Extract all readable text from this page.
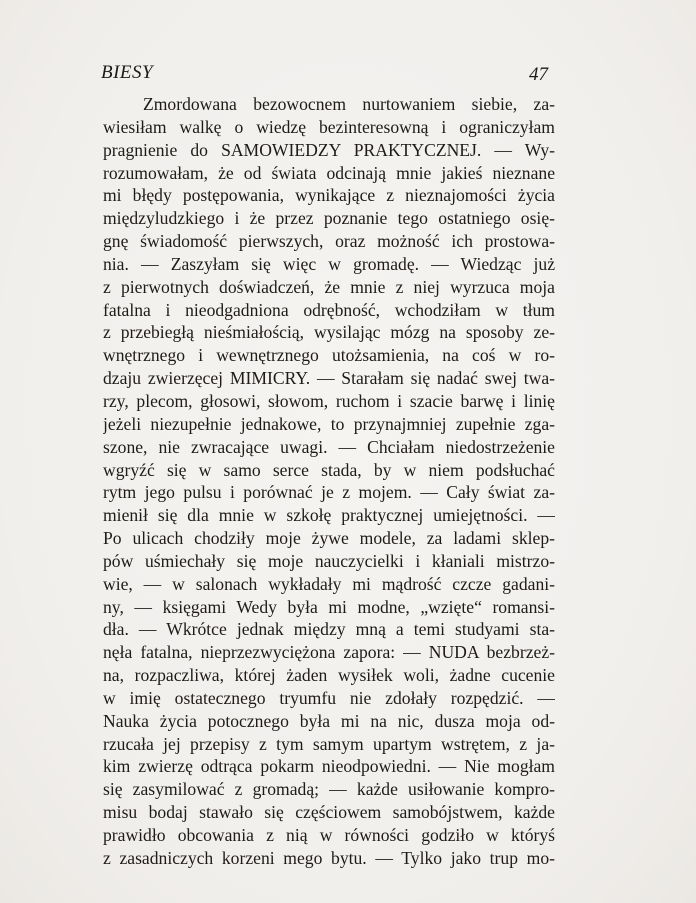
BIESY	47
Zmordowana bezowocnem nurtowaniem siebie, za-
wiesiłam walkę o wiedzę bezinteresowną i ograniczyłam
pragnienie do SAMOWIEDZY PRAKTYCZNEJ. — Wy-
rozumowałam, że od świata odcinają mnie jakieś nieznane
mi błędy postępowania, wynikające z nieznajomości życia
międzyludzkiego i że przez poznanie tego ostatniego osię-
gnę świadomość pierwszych, oraz możność ich prostowa-
nia. — Zaszyłam się więc w gromadę. — Wiedząc już
z pierwotnych doświadczeń, że mnie z niej wyrzuca moja
fatalna i nieodgadniona odrębność, wchodziłam w tłum
z przebiegłą nieśmiałością, wysilając mózg na sposoby ze-
wnętrznego i wewnętrznego utożsamienia, na coś w ro-
dzaju zwierzęcej MIMICRY. — Starałam się nadać swej twa-
rzy, plecom, głosowi, słowom, ruchom i szacie barwę i linię
jeżeli niezupełnie jednakowe, to przynajmniej zupełnie zga-
szone, nie zwracające uwagi. — Chciałam niedostrzeżenie
wgryźć się w samo serce stada, by w niem podsłuchać
rytm jego pulsu i porównać je z mojem. — Cały świat za-
mienił się dla mnie w szkołę praktycznej umiejętności. —
Po ulicach chodziły moje żywe modele, za ladami sklep-
pów uśmiechały się moje nauczycielki i kłaniali mistrzo-
wie, — w salonach wykładały mi mądrość czcze gadani-
ny, — księgami Wedy była mi modne, „wzięte“ romansi-
dła. — Wkrótce jednak między mną a temi studyami sta-
nęła fatalna, nieprzezwyciężona zapora: — NUDA bezbrzeż-
na, rozpaczliwa, której żaden wysiłek woli, żadne cucenie
w imię ostatecznego tryumfu nie zdołały rozpędzić. —
Nauka życia potocznego była mi na nic, dusza moja od-
rzucała jej przepisy z tym samym upartym wstrętem, z ja-
kim zwierzę odtrąca pokarm nieodpowiedni. — Nie mogłam
się zasymilować z gromadą; — każde usiłowanie kompro-
misu bodaj stawało się częściowem samobójstwem, każde
prawidło obcowania z nią w równości godziło w któryś
z zasadniczych korzeni mego bytu. — Tylko jako trup mo-
